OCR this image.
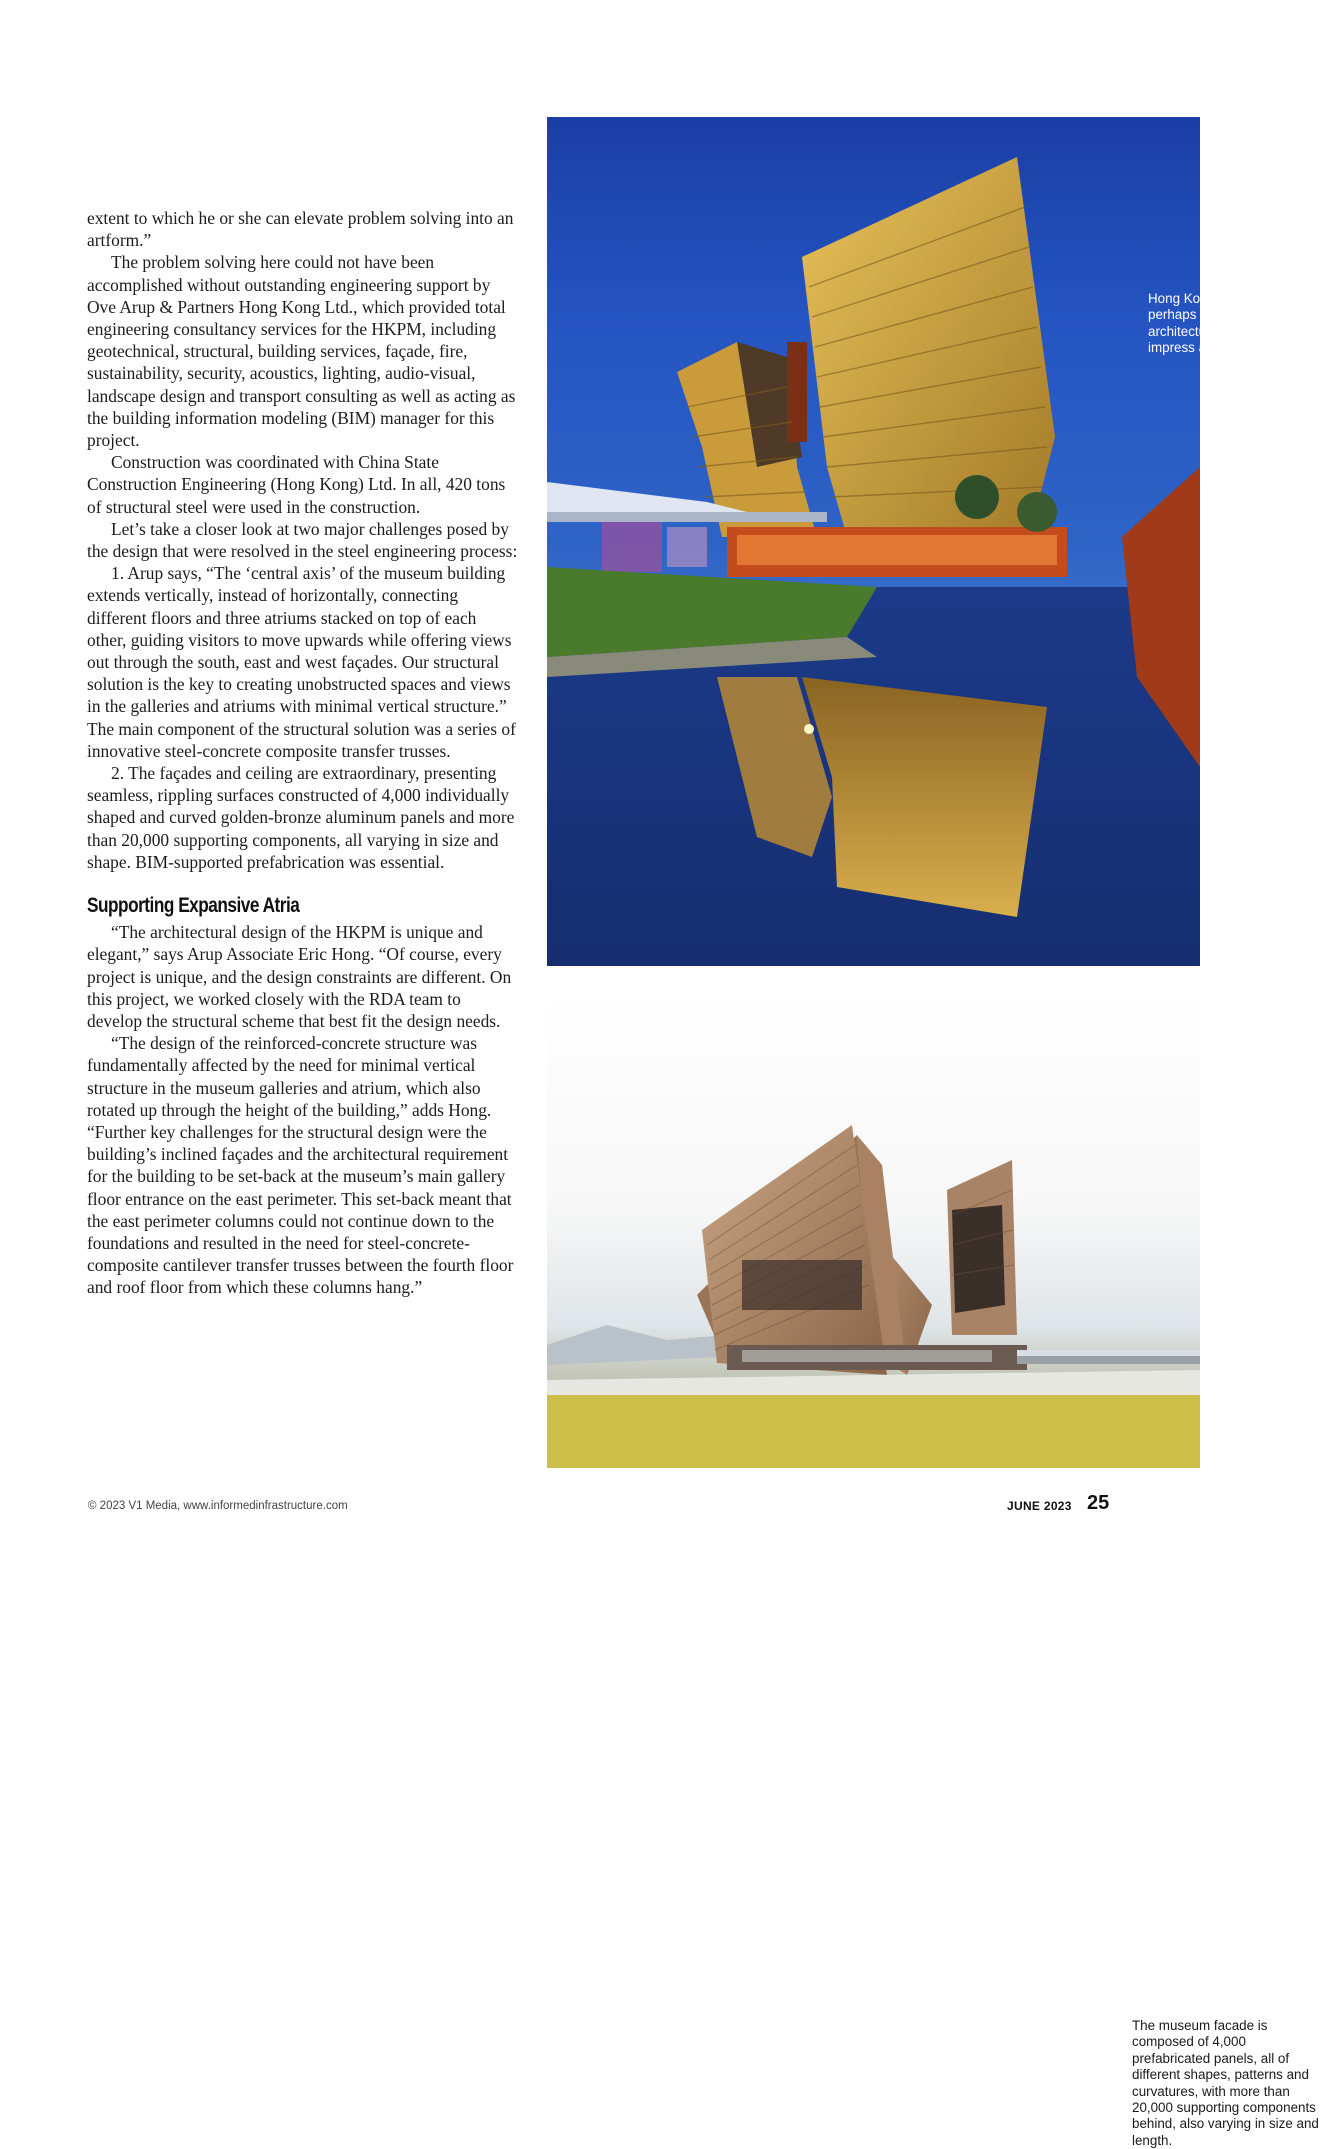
extent to which he or she can elevate problem solving into an artform.”

The problem solving here could not have been accomplished without outstanding engineering support by Ove Arup & Partners Hong Kong Ltd., which provided total engineering consultancy services for the HKPM, including geotechnical, structural, building services, façade, fire, sustainability, security, acoustics, lighting, audio-visual, landscape design and transport consulting as well as acting as the building information modeling (BIM) manager for this project.

Construction was coordinated with China State Construction Engineering (Hong Kong) Ltd. In all, 420 tons of structural steel were used in the construction.

Let’s take a closer look at two major challenges posed by the design that were resolved in the steel engineering process:

1. Arup says, “The ‘central axis’ of the museum building extends vertically, instead of horizontally, connecting different floors and three atriums stacked on top of each other, guiding visitors to move upwards while offering views out through the south, east and west façades. Our structural solution is the key to creating unobstructed spaces and views in the galleries and atriums with minimal vertical structure.” The main component of the structural solution was a series of innovative steel-concrete composite transfer trusses.

2. The façades and ceiling are extraordinary, presenting seamless, rippling surfaces constructed of 4,000 individually shaped and curved golden-bronze aluminum panels and more than 20,000 supporting components, all varying in size and shape. BIM-supported prefabrication was essential.

Supporting Expansive Atria

“The architectural design of the HKPM is unique and elegant,” says Arup Associate Eric Hong. “Of course, every project is unique, and the design constraints are different. On this project, we worked closely with the RDA team to develop the structural scheme that best fit the design needs.

“The design of the reinforced-concrete structure was fundamentally affected by the need for minimal vertical structure in the museum galleries and atrium, which also rotated up through the height of the building,” adds Hong. “Further key challenges for the structural design were the building’s inclined façades and the architectural requirement for the building to be set-back at the museum’s main gallery floor entrance on the east perimeter. This set-back meant that the east perimeter columns could not continue down to the foundations and resulted in the need for steel-concrete-composite cantilever transfer trusses between the fourth floor and roof floor from which these columns hang.”

Hong Kong’s newest and perhaps most-exquisite architectural jewel dresses to impress at night.
The museum facade is composed of 4,000 prefabricated panels, all of different shapes, patterns and curvatures, with more than 20,000 supporting components behind, also varying in size and length.
© 2023 V1 Media, www.informedinfrastructure.com	JUNE 2023 25
